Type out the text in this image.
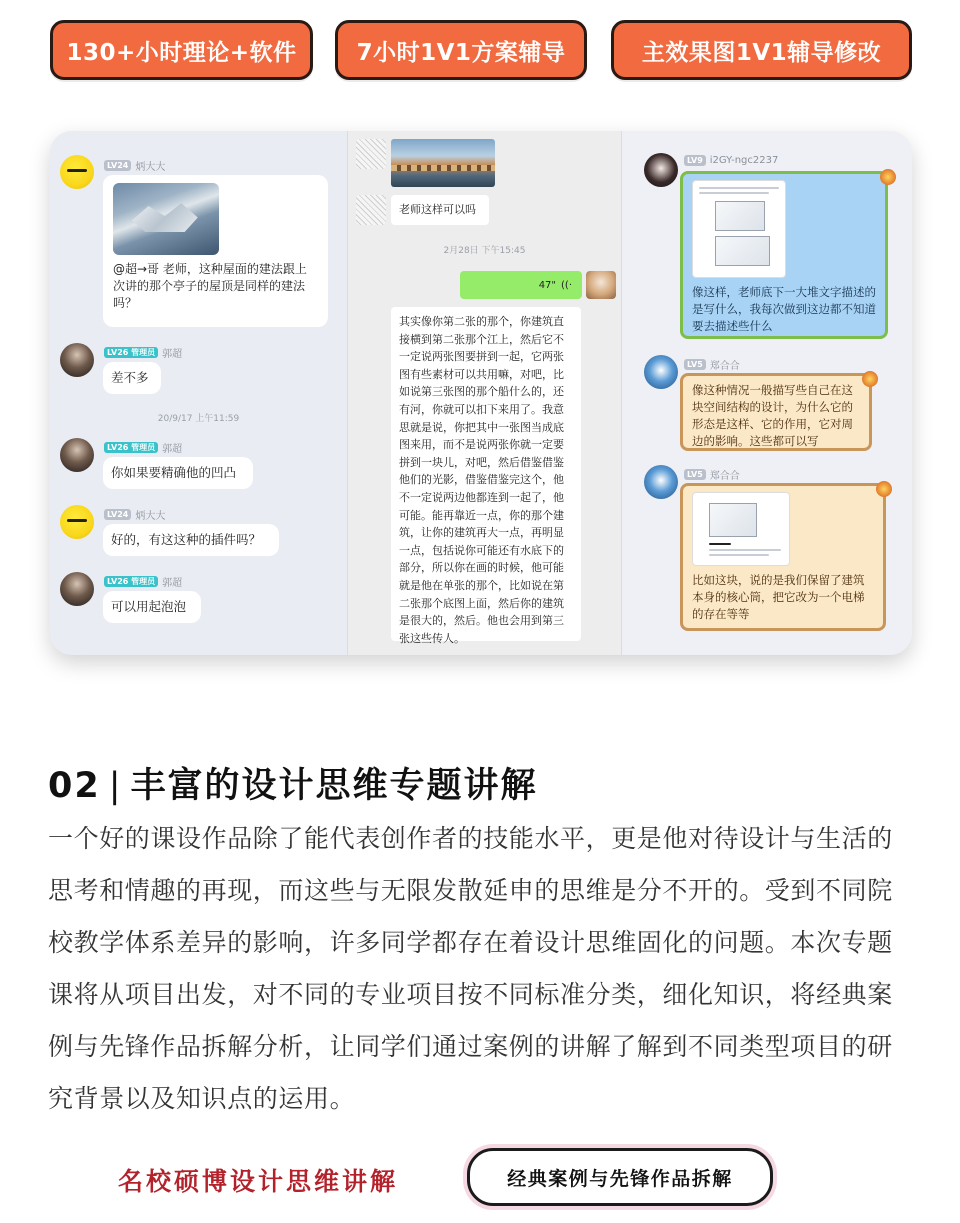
130+小时理论+软件	7小时1V1方案辅导	主效果图1V1辅导修改
LV24 炳大大
@超→哥 老师，这种屋面的建法跟上次讲的那个亭子的屋顶是同样的建法吗？
LV26 管理员 郭超
差不多
20/9/17 上午11:59
LV26 管理员 郭超
你如果要精确他的凹凸
LV24 炳大大
好的，有这这种的插件吗？
LV26 管理员 郭超
可以用起泡泡
老师这样可以吗
2月28日 下午15:45
47" ((·
其实像你第二张的那个，你建筑直接横到第二张那个江上，然后它不一定说两张图要拼到一起，它两张图有些素材可以共用嘛，对吧，比如说第三张图的那个船什么的，还有河，你就可以扣下来用了。我意思就是说，你把其中一张图当成底图来用，而不是说两张你就一定要拼到一块儿，对吧，然后借鉴借鉴他们的光影，借鉴借鉴完这个，他不一定说两边他都连到一起了，他可能。能再靠近一点，你的那个建筑，让你的建筑再大一点，再明显一点，包括说你可能还有水底下的部分，所以你在画的时候，他可能就是他在单张的那个，比如说在第二张那个底图上面，然后你的建筑是很大的，然后。他也会用到第三张这些传人。
LV9 i2GY-ngc2237
像这样，老师底下一大堆文字描述的是写什么，我每次做到这边都不知道要去描述些什么
LV5 郑合合
像这种情况一般描写些自己在这块空间结构的设计，为什么它的形态是这样、它的作用，它对周边的影响。这些都可以写
LV5 郑合合
比如这块，说的是我们保留了建筑本身的核心筒，把它改为一个电梯的存在等等
02 | 丰富的设计思维专题讲解
一个好的课设作品除了能代表创作者的技能水平，更是他对待设计与生活的思考和情趣的再现，而这些与无限发散延申的思维是分不开的。受到不同院校教学体系差异的影响，许多同学都存在着设计思维固化的问题。本次专题课将从项目出发，对不同的专业项目按不同标准分类，细化知识，将经典案例与先锋作品拆解分析，让同学们通过案例的讲解了解到不同类型项目的研究背景以及知识点的运用。
名校硕博设计思维讲解	经典案例与先锋作品拆解
